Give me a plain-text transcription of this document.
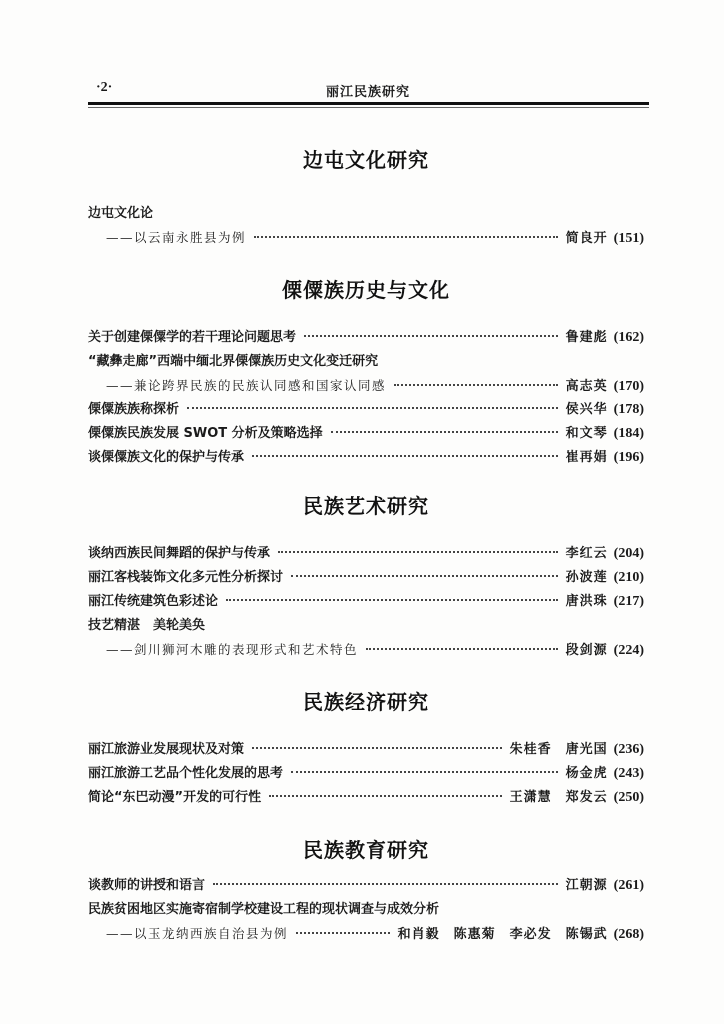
·2·	丽江民族研究
边屯文化研究
边屯文化论
——以云南永胜县为例	简良开 (151)
傈僳族历史与文化
关于创建傈僳学的若干理论问题思考	鲁建彪 (162)
“藏彝走廊”西端中缅北界傈僳族历史文化变迁研究
——兼论跨界民族的民族认同感和国家认同感	高志英 (170)
傈僳族族称探析	侯兴华 (178)
傈僳族民族发展 SWOT 分析及策略选择	和文琴 (184)
谈傈僳族文化的保护与传承	崔再娟 (196)
民族艺术研究
谈纳西族民间舞蹈的保护与传承	李红云 (204)
丽江客栈装饰文化多元性分析探讨	孙波莲 (210)
丽江传统建筑色彩述论	唐洪珠 (217)
技艺精湛　美轮美奂
——剑川狮河木雕的表现形式和艺术特色	段剑源 (224)
民族经济研究
丽江旅游业发展现状及对策	朱桂香　唐光国 (236)
丽江旅游工艺品个性化发展的思考	杨金虎 (243)
简论“东巴动漫”开发的可行性	王潇慧　郑发云 (250)
民族教育研究
谈教师的讲授和语言	江朝源 (261)
民族贫困地区实施寄宿制学校建设工程的现状调查与成效分析
——以玉龙纳西族自治县为例	和肖毅　陈惠菊　李必发　陈锡武 (268)
